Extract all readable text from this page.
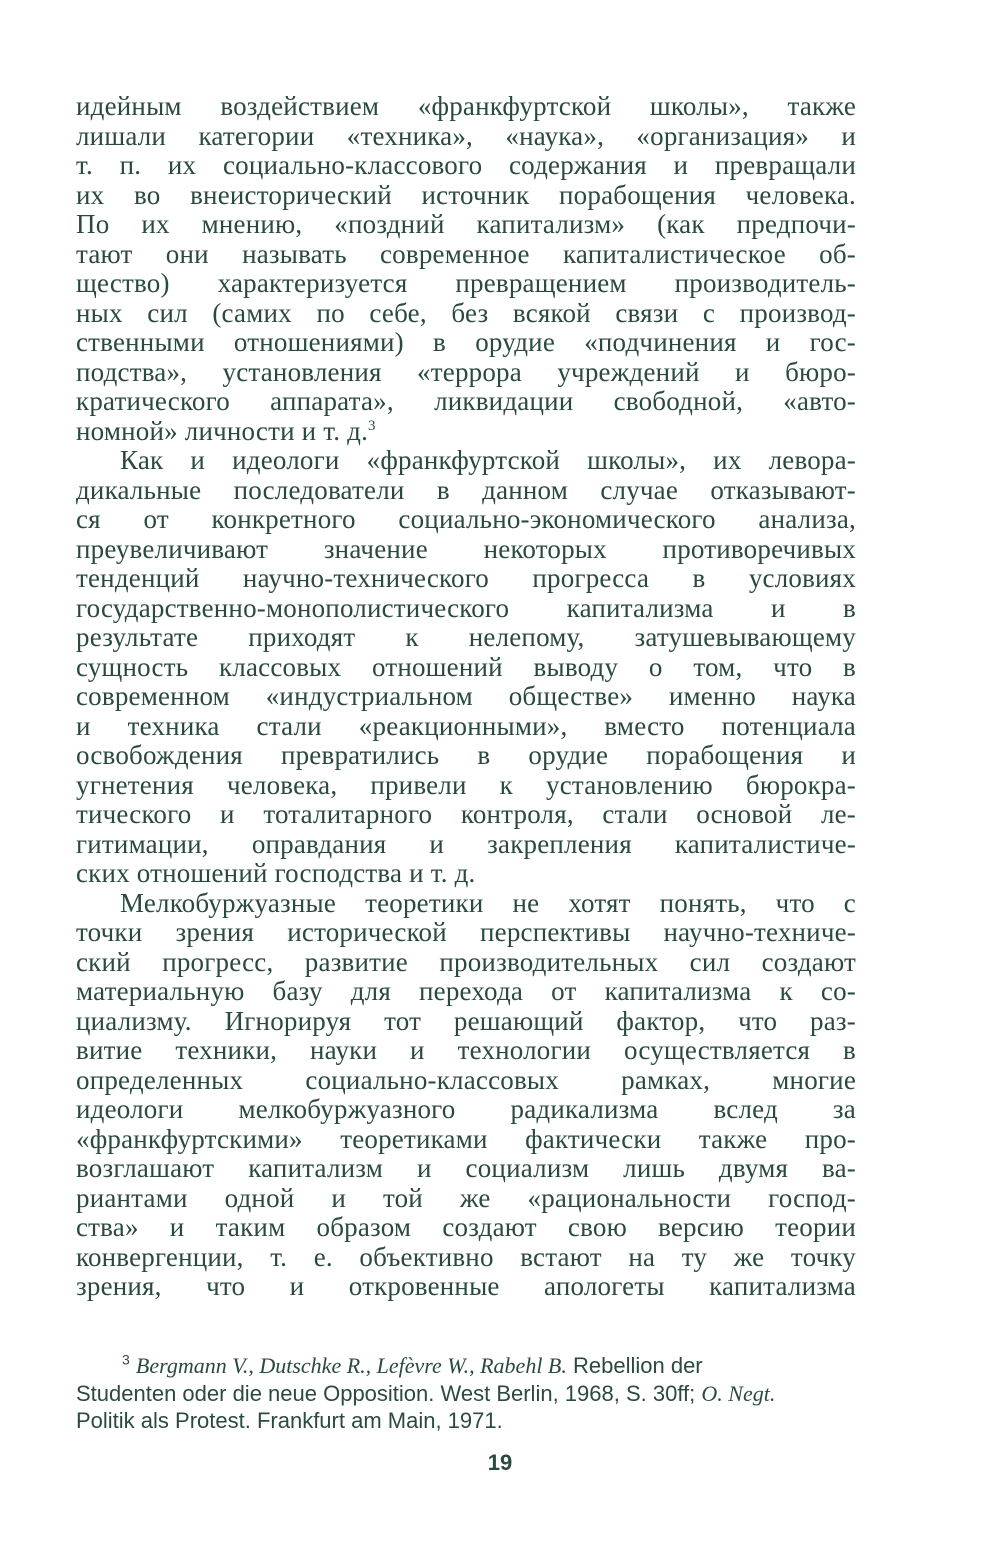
идейным воздействием «франкфуртской школы», также
лишали категории «техника», «наука», «организация» и
т. п. их социально-классового содержания и превращали
их во внеисторический источник порабощения человека.
По их мнению, «поздний капитализм» (как предпочи-
тают они называть современное капиталистическое об-
щество) характеризуется превращением производитель-
ных сил (самих по себе, без всякой связи с производ-
ственными отношениями) в орудие «подчинения и гос-
подства», установления «террора учреждений и бюро-
кратического аппарата», ликвидации свободной, «авто-
номной» личности и т. д.$^3$
Как и идеологи «франкфуртской школы», их левора-
дикальные последователи в данном случае отказывают-
ся от конкретного социально-экономического анализа,
преувеличивают значение некоторых противоречивых
тенденций научно-технического прогресса в условиях
государственно-монополистического капитализма и в
результате приходят к нелепому, затушевывающему
сущность классовых отношений выводу о том, что в
современном «индустриальном обществе» именно наука
и техника стали «реакционными», вместо потенциала
освобождения превратились в орудие порабощения и
угнетения человека, привели к установлению бюрокра-
тического и тоталитарного контроля, стали основой ле-
гитимации, оправдания и закрепления капиталистиче-
ских отношений господства и т. д.
Мелкобуржуазные теоретики не хотят понять, что с
точки зрения исторической перспективы научно-техниче-
ский прогресс, развитие производительных сил создают
материальную базу для перехода от капитализма к со-
циализму. Игнорируя тот решающий фактор, что раз-
витие техники, науки и технологии осуществляется в
определенных социально-классовых рамках, многие
идеологи мелкобуржуазного радикализма вслед за
«франкфуртскими» теоретиками фактически также про-
возглашают капитализм и социализм лишь двумя ва-
риантами одной и той же «рациональности господ-
ства» и таким образом создают свою версию теории
конвергенции, т. е. объективно встают на ту же точку
зрения, что и откровенные апологеты капитализма
$^3$ Bergmann V., Dutschke R., Lefèvre W., Rabehl B. Rebellion der
Studenten oder die neue Opposition. West Berlin, 1968, S. 30ff; O. Negt.
Politik als Protest. Frankfurt am Main, 1971.
19
